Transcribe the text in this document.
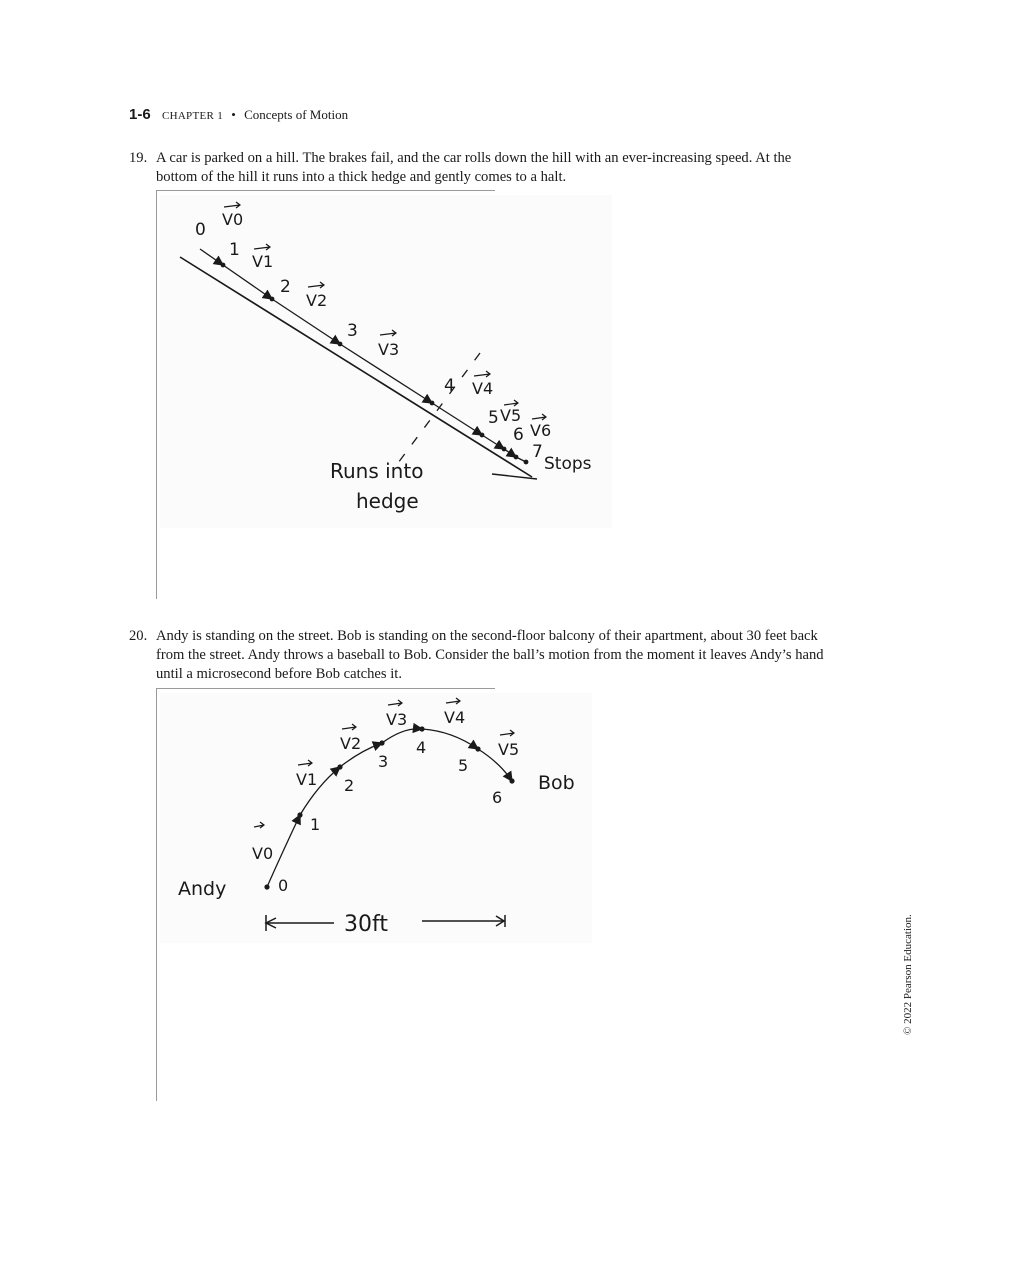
1-6 CHAPTER 1 • Concepts of Motion
19. A car is parked on a hill. The brakes fail, and the car rolls down the hill with an ever-increasing speed. At the bottom of the hill it runs into a thick hedge and gently comes to a halt.
0
1
2
3
4
5
6
7
V0
V1
V2
V3
V4
V5
V6
Runs into
hedge
Stops
20. Andy is standing on the street. Bob is standing on the second-floor balcony of their apartment, about 30 feet back from the street. Andy throws a baseball to Bob. Consider the ball’s motion from the moment it leaves Andy’s hand until a microsecond before Bob catches it.
0
1
2
3
4
5
6
V0
V1
V2
V3 V4
V5
Andy
Bob
30ft	© 2022 Pearson Education.
